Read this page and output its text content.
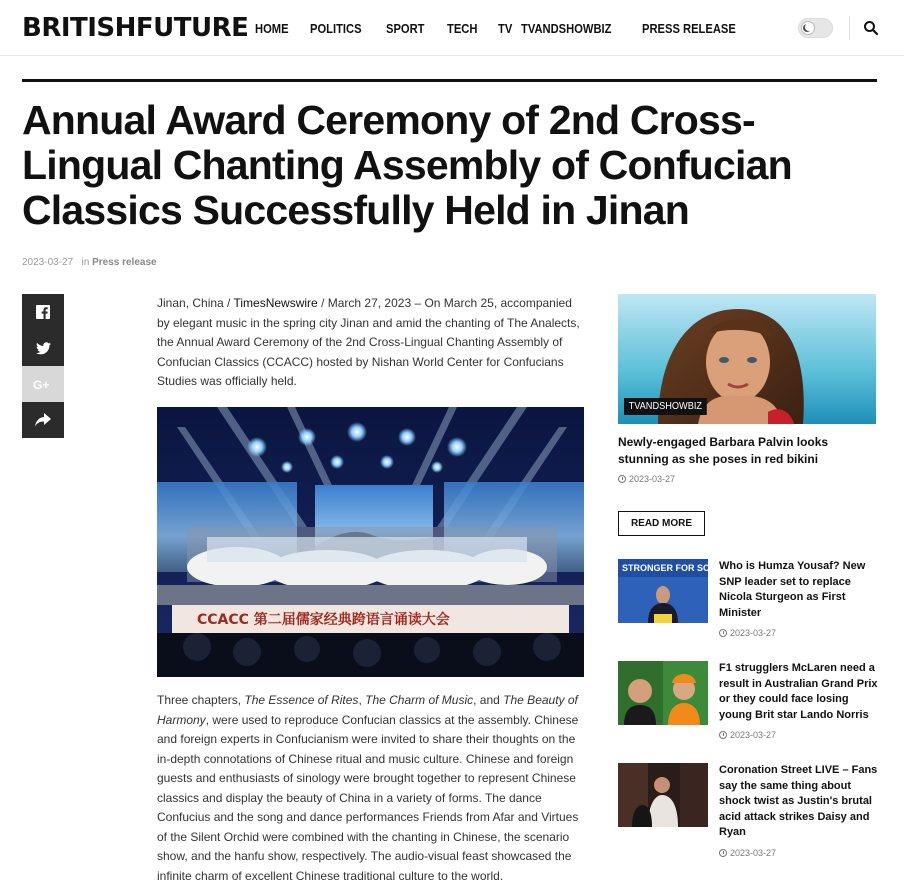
BRITISHFUTURE HOME POLITICS SPORT TECH TV TVANDSHOWBIZ PRESS RELEASE
Annual Award Ceremony of 2nd Cross-Lingual Chanting Assembly of Confucian Classics Successfully Held in Jinan
2023-03-27 in Press release
G+
Jinan, China / TimesNewswire / March 27, 2023 – On March 25, accompanied by elegant music in the spring city Jinan and amid the chanting of The Analects, the Annual Award Ceremony of the 2nd Cross-Lingual Chanting Assembly of Confucian Classics (CCACC) hosted by Nishan World Center for Confucians Studies was officially held.
CCACC 第二届儒家经典跨语言诵读大会

Three chapters, The Essence of Rites, The Charm of Music, and The Beauty of Harmony, were used to reproduce Confucian classics at the assembly. Chinese and foreign experts in Confucianism were invited to share their thoughts on the in-depth connotations of Chinese ritual and music culture. Chinese and foreign guests and enthusiasts of sinology were brought together to represent Chinese classics and display the beauty of China in a variety of forms. The dance Confucius and the song and dance performances Friends from Afar and Virtues of the Silent Orchid were combined with the chanting in Chinese, the scenario show, and the hanfu show, respectively. The audio-visual feast showcased the infinite charm of excellent Chinese traditional culture to the world.

TVANDSHOWBIZ
Newly-engaged Barbara Palvin looks stunning as she poses in red bikini
2023-03-27
READ MORE
STRONGER FOR SCOTLAND
Who is Humza Yousaf? New SNP leader set to replace Nicola Sturgeon as First Minister
2023-03-27
F1 strugglers McLaren need a result in Australian Grand Prix or they could face losing young Brit star Lando Norris
2023-03-27
Coronation Street LIVE – Fans say the same thing about shock twist as Justin's brutal acid attack strikes Daisy and Ryan
2023-03-27
